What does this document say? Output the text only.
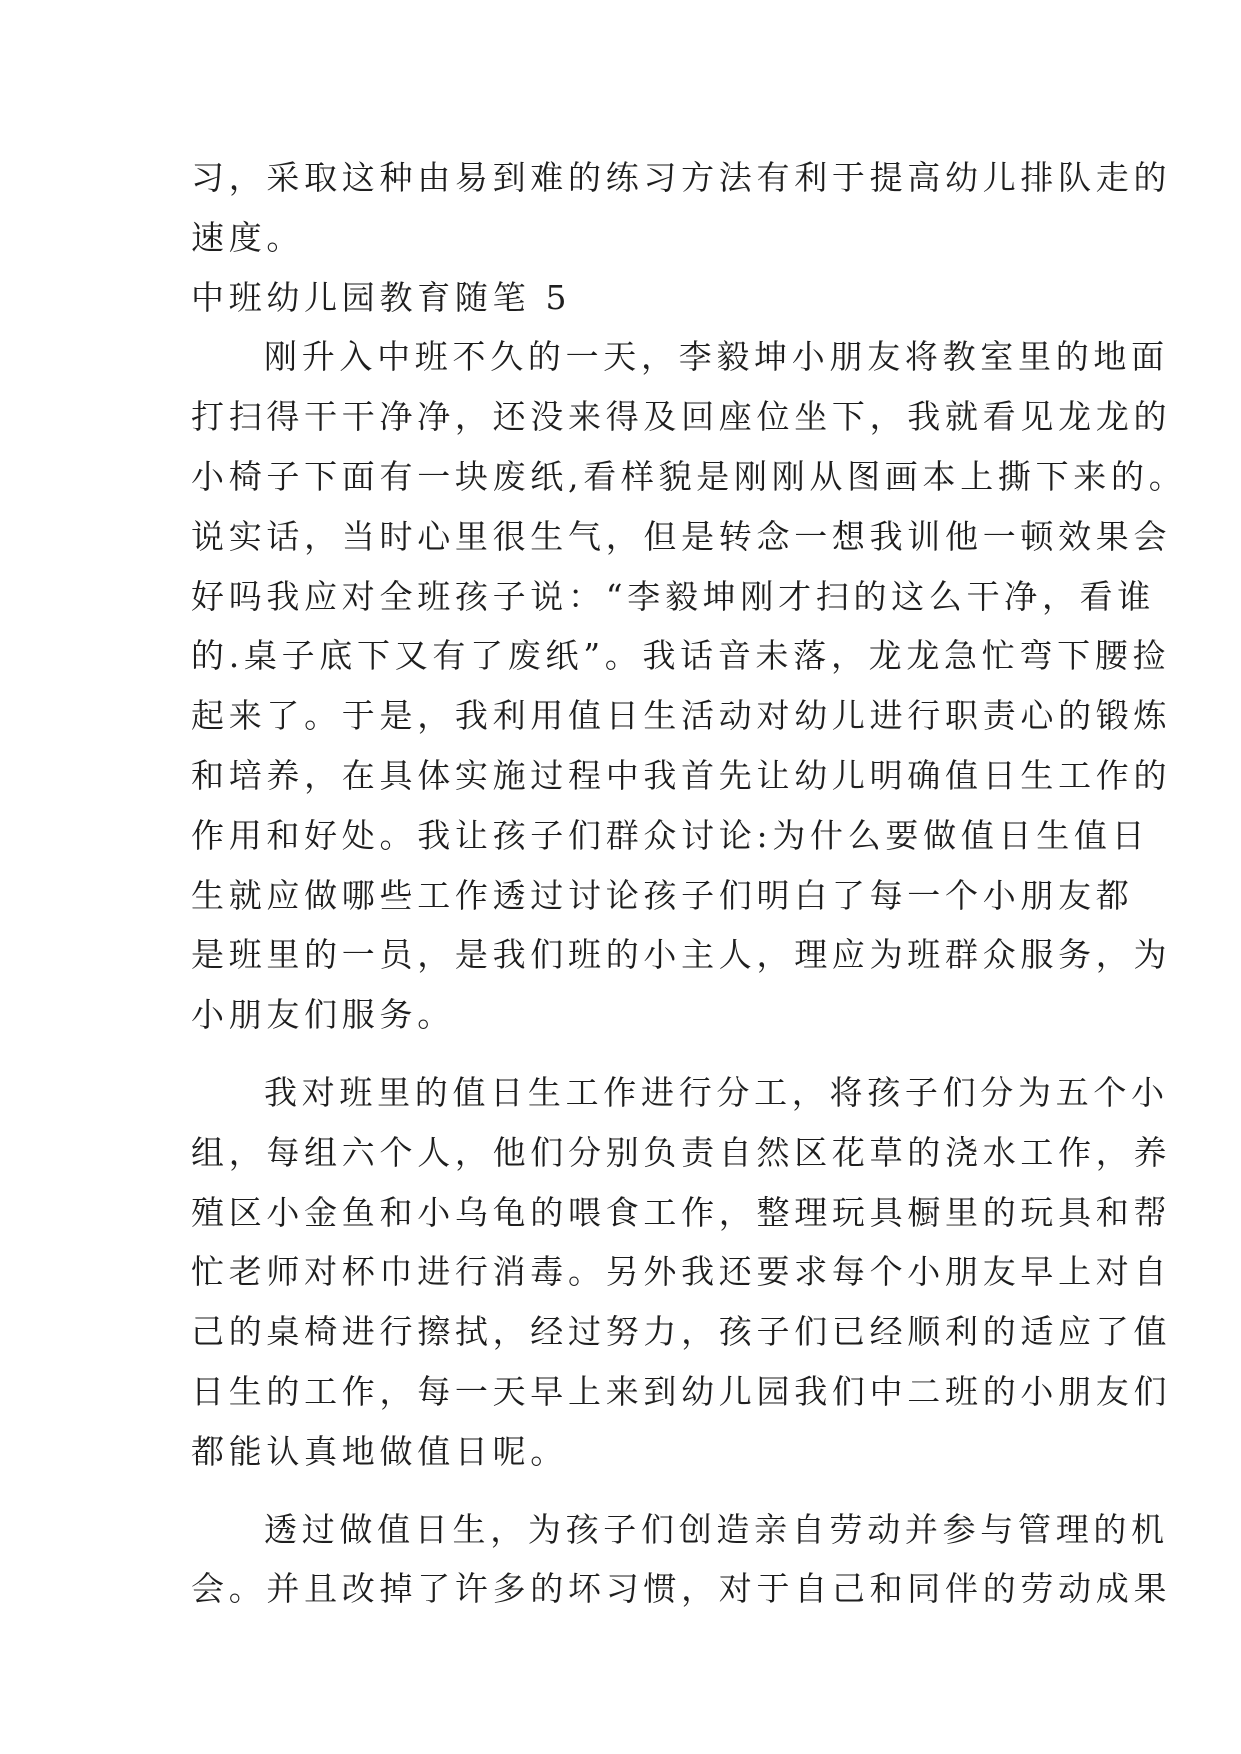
习，采取这种由易到难的练习方法有利于提高幼儿排队走的
速度。
中班幼儿园教育随笔 5
刚升入中班不久的一天，李毅坤小朋友将教室里的地面
打扫得干干净净，还没来得及回座位坐下，我就看见龙龙的
小椅子下面有一块废纸,看样貌是刚刚从图画本上撕下来的。
说实话，当时心里很生气，但是转念一想我训他一顿效果会
好吗我应对全班孩子说：“李毅坤刚才扫的这么干净，看谁
的.桌子底下又有了废纸”。我话音未落，龙龙急忙弯下腰捡
起来了。于是，我利用值日生活动对幼儿进行职责心的锻炼
和培养，在具体实施过程中我首先让幼儿明确值日生工作的
作用和好处。我让孩子们群众讨论:为什么要做值日生值日
生就应做哪些工作透过讨论孩子们明白了每一个小朋友都
是班里的一员，是我们班的小主人，理应为班群众服务，为
小朋友们服务。
我对班里的值日生工作进行分工，将孩子们分为五个小
组，每组六个人，他们分别负责自然区花草的浇水工作，养
殖区小金鱼和小乌龟的喂食工作，整理玩具橱里的玩具和帮
忙老师对杯巾进行消毒。另外我还要求每个小朋友早上对自
己的桌椅进行擦拭，经过努力，孩子们已经顺利的适应了值
日生的工作，每一天早上来到幼儿园我们中二班的小朋友们
都能认真地做值日呢。
透过做值日生，为孩子们创造亲自劳动并参与管理的机
会。并且改掉了许多的坏习惯，对于自己和同伴的劳动成果
